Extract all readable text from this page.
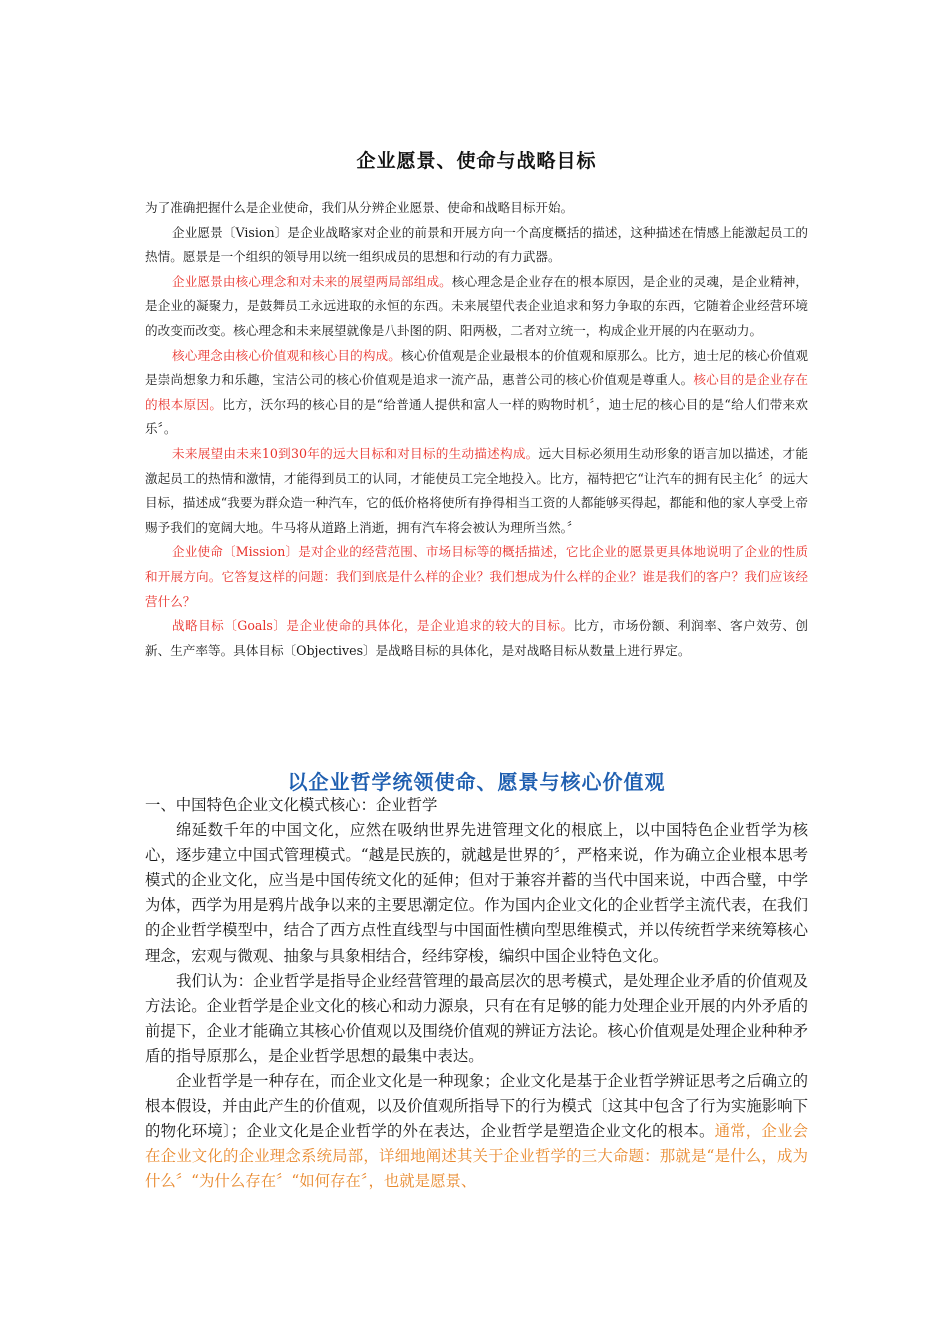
企业愿景、使命与战略目标

为了准确把握什么是企业使命，我们从分辨企业愿景、使命和战略目标开始。

企业愿景〔Vision〕是企业战略家对企业的前景和开展方向一个高度概括的描述，这种描述在情感上能激起员工的热情。愿景是一个组织的领导用以统一组织成员的思想和行动的有力武器。

企业愿景由核心理念和对未来的展望两局部组成。核心理念是企业存在的根本原因，是企业的灵魂，是企业精神，是企业的凝聚力，是鼓舞员工永远进取的永恒的东西。未来展望代表企业追求和努力争取的东西，它随着企业经营环境的改变而改变。核心理念和未来展望就像是八卦图的阴、阳两极，二者对立统一，构成企业开展的内在驱动力。

核心理念由核心价值观和核心目的构成。核心价值观是企业最根本的价值观和原那么。比方，迪士尼的核心价值观是崇尚想象力和乐趣，宝洁公司的核心价值观是追求一流产品，惠普公司的核心价值观是尊重人。核心目的是企业存在的根本原因。比方，沃尔玛的核心目的是“给普通人提供和富人一样的购物时机〞，迪士尼的核心目的是“给人们带来欢乐〞。

未来展望由未来10到30年的远大目标和对目标的生动描述构成。远大目标必须用生动形象的语言加以描述，才能激起员工的热情和激情，才能得到员工的认同，才能使员工完全地投入。比方，福特把它“让汽车的拥有民主化〞的远大目标，描述成“我要为群众造一种汽车，它的低价格将使所有挣得相当工资的人都能够买得起，都能和他的家人享受上帝赐予我们的宽阔大地。牛马将从道路上消逝，拥有汽车将会被认为理所当然。〞

企业使命〔Mission〕是对企业的经营范围、市场目标等的概括描述，它比企业的愿景更具体地说明了企业的性质和开展方向。它答复这样的问题：我们到底是什么样的企业？我们想成为什么样的企业？谁是我们的客户？我们应该经营什么？

战略目标〔Goals〕是企业使命的具体化，是企业追求的较大的目标。比方，市场份额、利润率、客户效劳、创新、生产率等。具体目标〔Objectives〕是战略目标的具体化，是对战略目标从数量上进行界定。

以企业哲学统领使命、愿景与核心价值观

一、中国特色企业文化模式核心：企业哲学

绵延数千年的中国文化，应然在吸纳世界先进管理文化的根底上，以中国特色企业哲学为核心，逐步建立中国式管理模式。“越是民族的，就越是世界的〞，严格来说，作为确立企业根本思考模式的企业文化，应当是中国传统文化的延伸；但对于兼容并蓄的当代中国来说，中西合璧，中学为体，西学为用是鸦片战争以来的主要思潮定位。作为国内企业文化的企业哲学主流代表，在我们的企业哲学模型中，结合了西方点性直线型与中国面性横向型思维模式，并以传统哲学来统筹核心理念，宏观与微观、抽象与具象相结合，经纬穿梭，编织中国企业特色文化。

我们认为：企业哲学是指导企业经营管理的最高层次的思考模式，是处理企业矛盾的价值观及方法论。企业哲学是企业文化的核心和动力源泉，只有在有足够的能力处理企业开展的内外矛盾的前提下，企业才能确立其核心价值观以及围绕价值观的辨证方法论。核心价值观是处理企业种种矛盾的指导原那么，是企业哲学思想的最集中表达。

企业哲学是一种存在，而企业文化是一种现象；企业文化是基于企业哲学辨证思考之后确立的根本假设，并由此产生的价值观，以及价值观所指导下的行为模式〔这其中包含了行为实施影响下的物化环境〕；企业文化是企业哲学的外在表达，企业哲学是塑造企业文化的根本。通常，企业会在企业文化的企业理念系统局部，详细地阐述其关于企业哲学的三大命题：那就是“是什么，成为什么〞“为什么存在〞“如何存在〞，也就是愿景、
